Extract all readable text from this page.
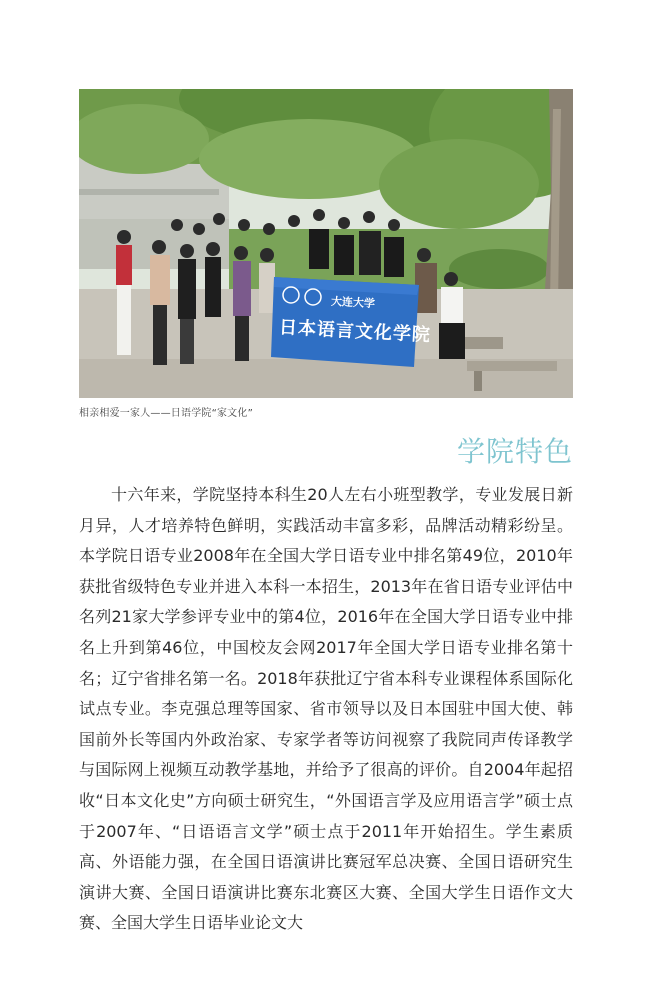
大连大学
日本语言文化学院
相亲相爱一家人——日语学院“家文化”
学院特色

十六年来，学院坚持本科生20人左右小班型教学，专业发展日新月异，人才培养特色鲜明，实践活动丰富多彩，品牌活动精彩纷呈。本学院日语专业2008年在全国大学日语专业中排名第49位，2010年获批省级特色专业并进入本科一本招生，2013年在省日语专业评估中名列21家大学参评专业中的第4位，2016年在全国大学日语专业中排名上升到第46位，中国校友会网2017年全国大学日语专业排名第十名；辽宁省排名第一名。2018年获批辽宁省本科专业课程体系国际化试点专业。李克强总理等国家、省市领导以及日本国驻中国大使、韩国前外长等国内外政治家、专家学者等访问视察了我院同声传译教学与国际网上视频互动教学基地，并给予了很高的评价。自2004年起招收“日本文化史”方向硕士研究生，“外国语言学及应用语言学”硕士点于2007年、“日语语言文学”硕士点于2011年开始招生。学生素质高、外语能力强，在全国日语演讲比赛冠军总决赛、全国日语研究生演讲大赛、全国日语演讲比赛东北赛区大赛、全国大学生日语作文大赛、全国大学生日语毕业论文大
